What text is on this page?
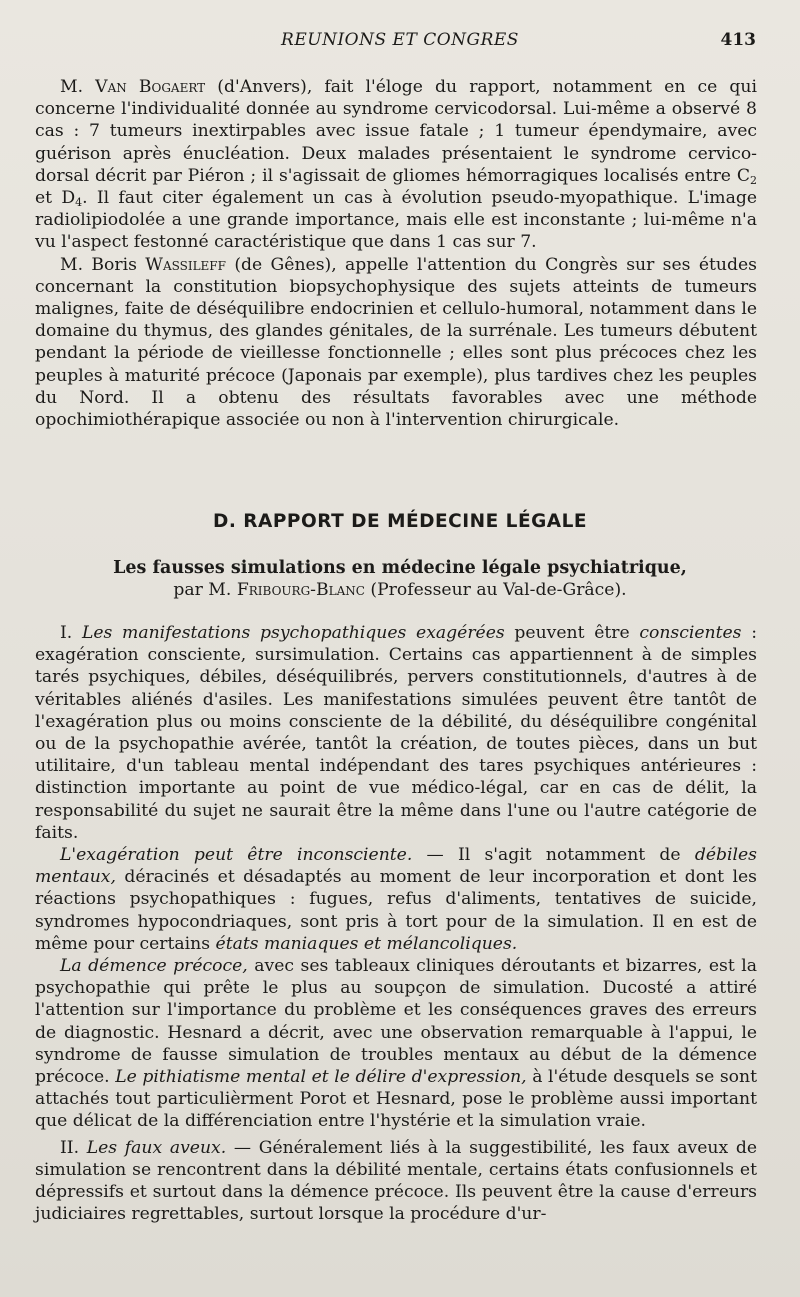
REUNIONS ET CONGRES	413

M. Van Bogaert (d'Anvers), fait l'éloge du rapport, notamment en ce qui concerne l'individualité donnée au syndrome cervicodorsal. Lui-même a observé 8 cas : 7 tumeurs inextirpables avec issue fatale ; 1 tumeur épendymaire, avec guérison après énucléation. Deux malades présentaient le syndrome cervico-dorsal décrit par Piéron ; il s'agissait de gliomes hémorragiques localisés entre $C_2$ et $D_4$. Il faut citer également un cas à évolution pseudo-myopathique. L'image radiolipiodolée a une grande importance, mais elle est inconstante ; lui-même n'a vu l'aspect festonné caractéristique que dans 1 cas sur 7.

M. Boris Wassileff (de Gênes), appelle l'attention du Congrès sur ses études concernant la constitution biopsychophysique des sujets atteints de tumeurs malignes, faite de déséquilibre endocrinien et cellulo-humoral, notamment dans le domaine du thymus, des glandes génitales, de la surrénale. Les tumeurs débutent pendant la période de vieillesse fonctionnelle ; elles sont plus précoces chez les peuples à maturité précoce (Japonais par exemple), plus tardives chez les peuples du Nord. Il a obtenu des résultats favorables avec une méthode opochimiothérapique associée ou non à l'intervention chirurgicale.

D. RAPPORT DE MÉDECINE LÉGALE
Les fausses simulations en médecine légale psychiatrique,
par M. Fribourg-Blanc (Professeur au Val-de-Grâce).

I. Les manifestations psychopathiques exagérées peuvent être conscientes : exagération consciente, sursimulation. Certains cas appartiennent à de simples tarés psychiques, débiles, déséquilibrés, pervers constitutionnels, d'autres à de véritables aliénés d'asiles. Les manifestations simulées peuvent être tantôt de l'exagération plus ou moins consciente de la débilité, du déséquilibre congénital ou de la psychopathie avérée, tantôt la création, de toutes pièces, dans un but utilitaire, d'un tableau mental indépendant des tares psychiques antérieures : distinction importante au point de vue médico-légal, car en cas de délit, la responsabilité du sujet ne saurait être la même dans l'une ou l'autre catégorie de faits.

L'exagération peut être inconsciente. — Il s'agit notamment de débiles mentaux, déracinés et désadaptés au moment de leur incorporation et dont les réactions psychopathiques : fugues, refus d'aliments, tentatives de suicide, syndromes hypocondriaques, sont pris à tort pour de la simulation. Il en est de même pour certains états maniaques et mélancoliques.

La démence précoce, avec ses tableaux cliniques déroutants et bizarres, est la psychopathie qui prête le plus au soupçon de simulation. Ducosté a attiré l'attention sur l'importance du problème et les conséquences graves des erreurs de diagnostic. Hesnard a décrit, avec une observation remarquable à l'appui, le syndrome de fausse simulation de troubles mentaux au début de la démence précoce. Le pithiatisme mental et le délire d'expression, à l'étude desquels se sont attachés tout particulièrment Porot et Hesnard, pose le problème aussi important que délicat de la différenciation entre l'hystérie et la simulation vraie.

II. Les faux aveux. — Généralement liés à la suggestibilité, les faux aveux de simulation se rencontrent dans la débilité mentale, certains états confusionnels et dépressifs et surtout dans la démence précoce. Ils peuvent être la cause d'erreurs judiciaires regrettables, surtout lorsque la procédure d'ur-
